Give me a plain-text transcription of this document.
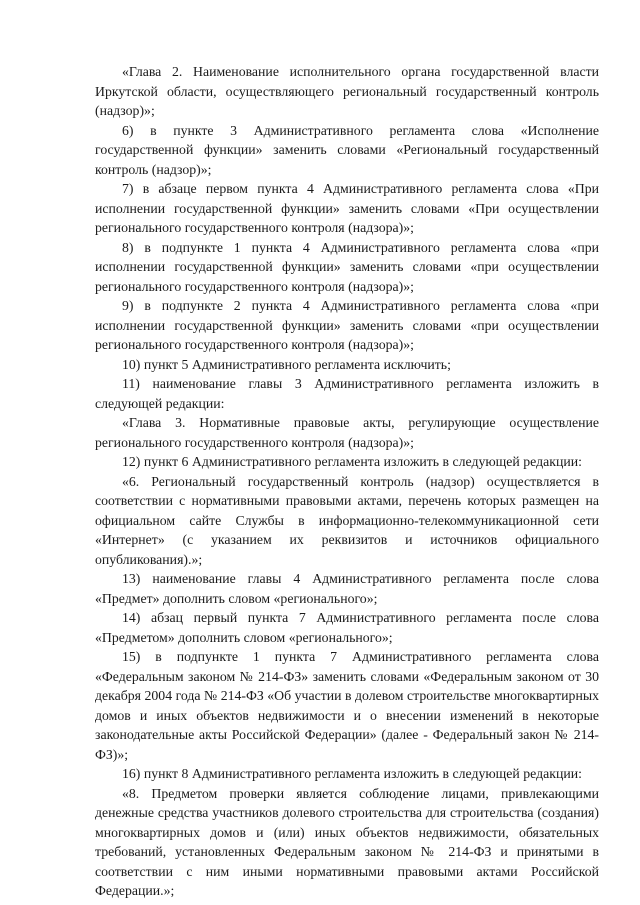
«Глава 2. Наименование исполнительного органа государственной власти Иркутской области, осуществляющего региональный государственный контроль (надзор)»;

6) в пункте 3 Административного регламента слова «Исполнение государственной функции» заменить словами «Региональный государственный контроль (надзор)»;

7) в абзаце первом пункта 4 Административного регламента слова «При исполнении государственной функции» заменить словами «При осуществлении регионального государственного контроля (надзора)»;

8) в подпункте 1 пункта 4 Административного регламента слова «при исполнении государственной функции» заменить словами «при осуществлении регионального государственного контроля (надзора)»;

9) в подпункте 2 пункта 4 Административного регламента слова «при исполнении государственной функции» заменить словами «при осуществлении регионального государственного контроля (надзора)»;

10) пункт 5 Административного регламента исключить;

11) наименование главы 3 Административного регламента изложить в следующей редакции:

«Глава 3. Нормативные правовые акты, регулирующие осуществление регионального государственного контроля (надзора)»;

12) пункт 6 Административного регламента изложить в следующей редакции:

«6. Региональный государственный контроль (надзор) осуществляется в соответствии с нормативными правовыми актами, перечень которых размещен на официальном сайте Службы в информационно-телекоммуникационной сети «Интернет» (с указанием их реквизитов и источников официального опубликования).»;

13) наименование главы 4 Административного регламента после слова «Предмет» дополнить словом «регионального»;

14) абзац первый пункта 7 Административного регламента после слова «Предметом» дополнить словом «регионального»;

15) в подпункте 1 пункта 7 Административного регламента слова «Федеральным законом № 214-ФЗ» заменить словами «Федеральным законом от 30 декабря 2004 года № 214-ФЗ «Об участии в долевом строительстве многоквартирных домов и иных объектов недвижимости и о внесении изменений в некоторые законодательные акты Российской Федерации» (далее - Федеральный закон № 214-ФЗ)»;

16) пункт 8 Административного регламента изложить в следующей редакции:

«8. Предметом проверки является соблюдение лицами, привлекающими денежные средства участников долевого строительства для строительства (создания) многоквартирных домов и (или) иных объектов недвижимости, обязательных требований, установленных Федеральным законом № 214-ФЗ и принятыми в соответствии с ним иными нормативными правовыми актами Российской Федерации.»;
